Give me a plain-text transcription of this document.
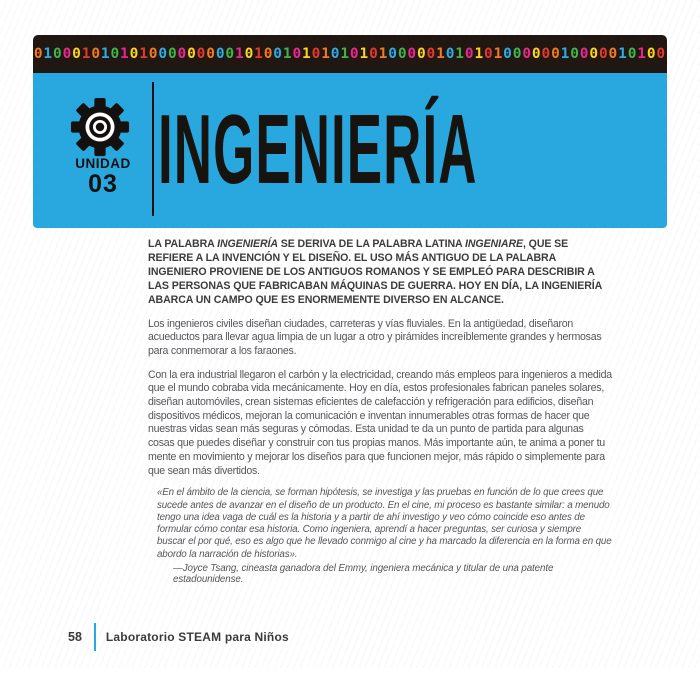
0 1 0 0 0 1 0 1 0 1 0 1 0 0 0 0 0 0 0 0 0 1 0 1 0 0 1 0 1 0 1 0 1 0 1 0 1 0 0 0 0 0 1 0 1 0 1 0 1 0 0 0 0 0 0 1 0 0 0 0 0 1 0 1 0 0
UNIDAD
03 INGENIERÍA
LA PALABRA INGENIERÍA SE DERIVA DE LA PALABRA LATINA INGENIARE, QUE SE REFIERE A LA INVENCIÓN Y EL DISEÑO. EL USO MÁS ANTIGUO DE LA PALABRA INGENIERO PROVIENE DE LOS ANTIGUOS ROMANOS Y SE EMPLEÓ PARA DESCRIBIR A LAS PERSONAS QUE FABRICABAN MÁQUINAS DE GUERRA. HOY EN DÍA, LA INGENIERÍA ABARCA UN CAMPO QUE ES ENORMEMENTE DIVERSO EN ALCANCE.
Los ingenieros civiles diseñan ciudades, carreteras y vías fluviales. En la antigüedad, diseñaron acueductos para llevar agua limpia de un lugar a otro y pirámides increíblemente grandes y hermosas para conmemorar a los faraones.
Con la era industrial llegaron el carbón y la electricidad, creando más empleos para ingenieros a medida que el mundo cobraba vida mecánicamente. Hoy en día, estos profesionales fabrican paneles solares, diseñan automóviles, crean sistemas eficientes de calefacción y refrigeración para edificios, diseñan dispositivos médicos, mejoran la comunicación e inventan innumerables otras formas de hacer que nuestras vidas sean más seguras y cómodas. Esta unidad te da un punto de partida para algunas cosas que puedes diseñar y construir con tus propias manos. Más importante aún, te anima a poner tu mente en movimiento y mejorar los diseños para que funcionen mejor, más rápido o simplemente para que sean más divertidos.
«En el ámbito de la ciencia, se forman hipótesis, se investiga y las pruebas en función de lo que crees que sucede antes de avanzar en el diseño de un producto. En el cine, mi proceso es bastante similar: a menudo tengo una idea vaga de cuál es la historia y a partir de ahí investigo y veo cómo coincide eso antes de formular cómo contar esa historia. Como ingeniera, aprendí a hacer preguntas, ser curiosa y siempre buscar el por qué, eso es algo que he llevado conmigo al cine y ha marcado la diferencia en la forma en que abordo la narración de historias».
—Joyce Tsang, cineasta ganadora del Emmy, ingeniera mecánica y titular de una patente estadounidense.
58 Laboratorio STEAM para Niños
